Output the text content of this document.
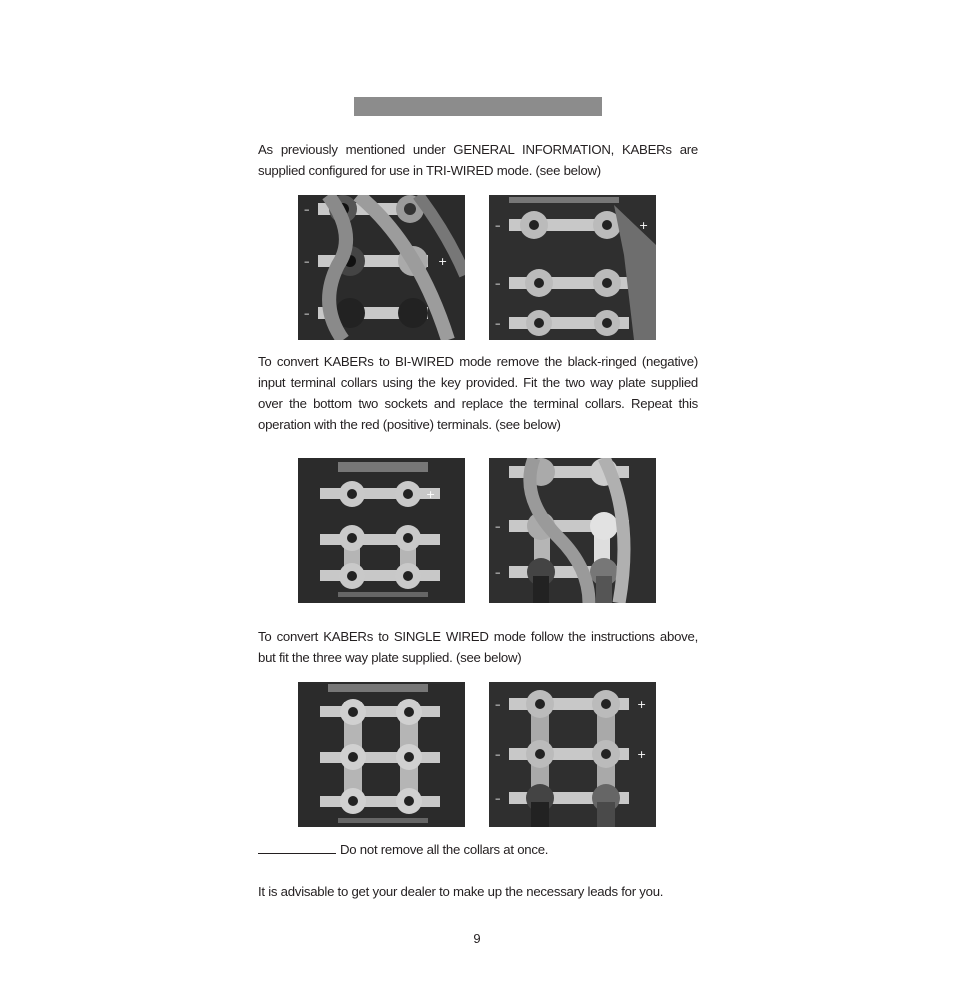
As previously mentioned under GENERAL INFORMATION, KABERs are supplied configured for use in TRI-WIRED mode. (see below)

–
–	+
–
–	+
–
–

To convert KABERs to BI-WIRED mode remove the black-ringed (negative) input terminal collars using the key provided. Fit the two way plate supplied over the bottom two sockets and replace the terminal collars. Repeat this operation with the red (positive) terminals. (see below)

+
–
–

To convert KABERs to SINGLE WIRED mode follow the instructions above, but fit the three way plate supplied. (see below)

–	+
–	+
–

Do not remove all the collars at once.

It is advisable to get your dealer to make up the necessary leads for you.

9
